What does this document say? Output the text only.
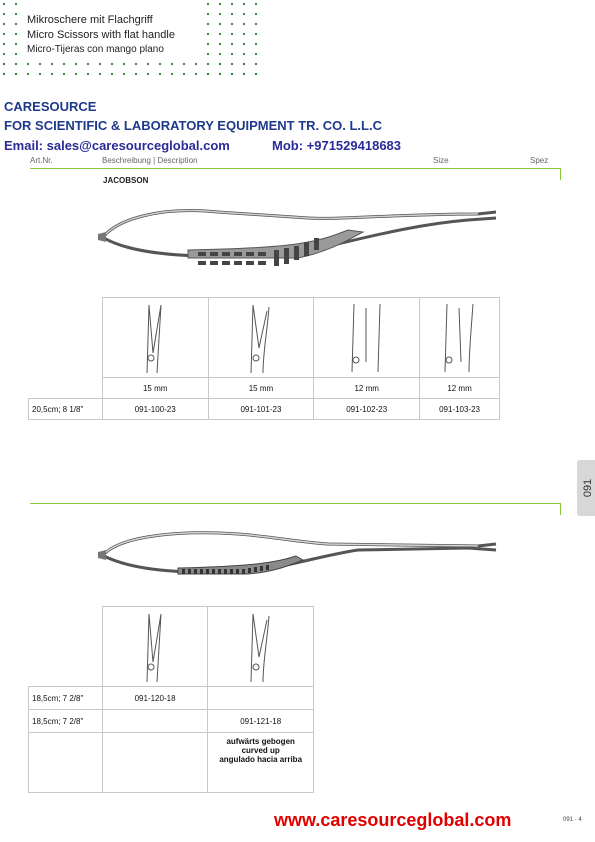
Mikroschere mit Flachgriff
Micro Scissors with flat handle
Micro-Tijeras con mango plano
CARESOURCE
FOR SCIENTIFIC & LABORATORY EQUIPMENT TR. CO. L.L.C
Email: sales@caresourceglobal.com	Mob: +971529418683
Art.Nr.	Beschreibung | Description	Size	Spez
JACOBSON

	15 mm	15 mm	12 mm	12 mm
20,5cm; 8 1/8"	091-100-23	091-101-23	091-102-23	091-103-23
091

18,5cm; 7 2/8"	091-120-18	
18,5cm; 7 2/8"		091-121-18

		aufwärts gebogen
curved up
angulado hacia arriba
www.caresourceglobal.com	091 · 4
